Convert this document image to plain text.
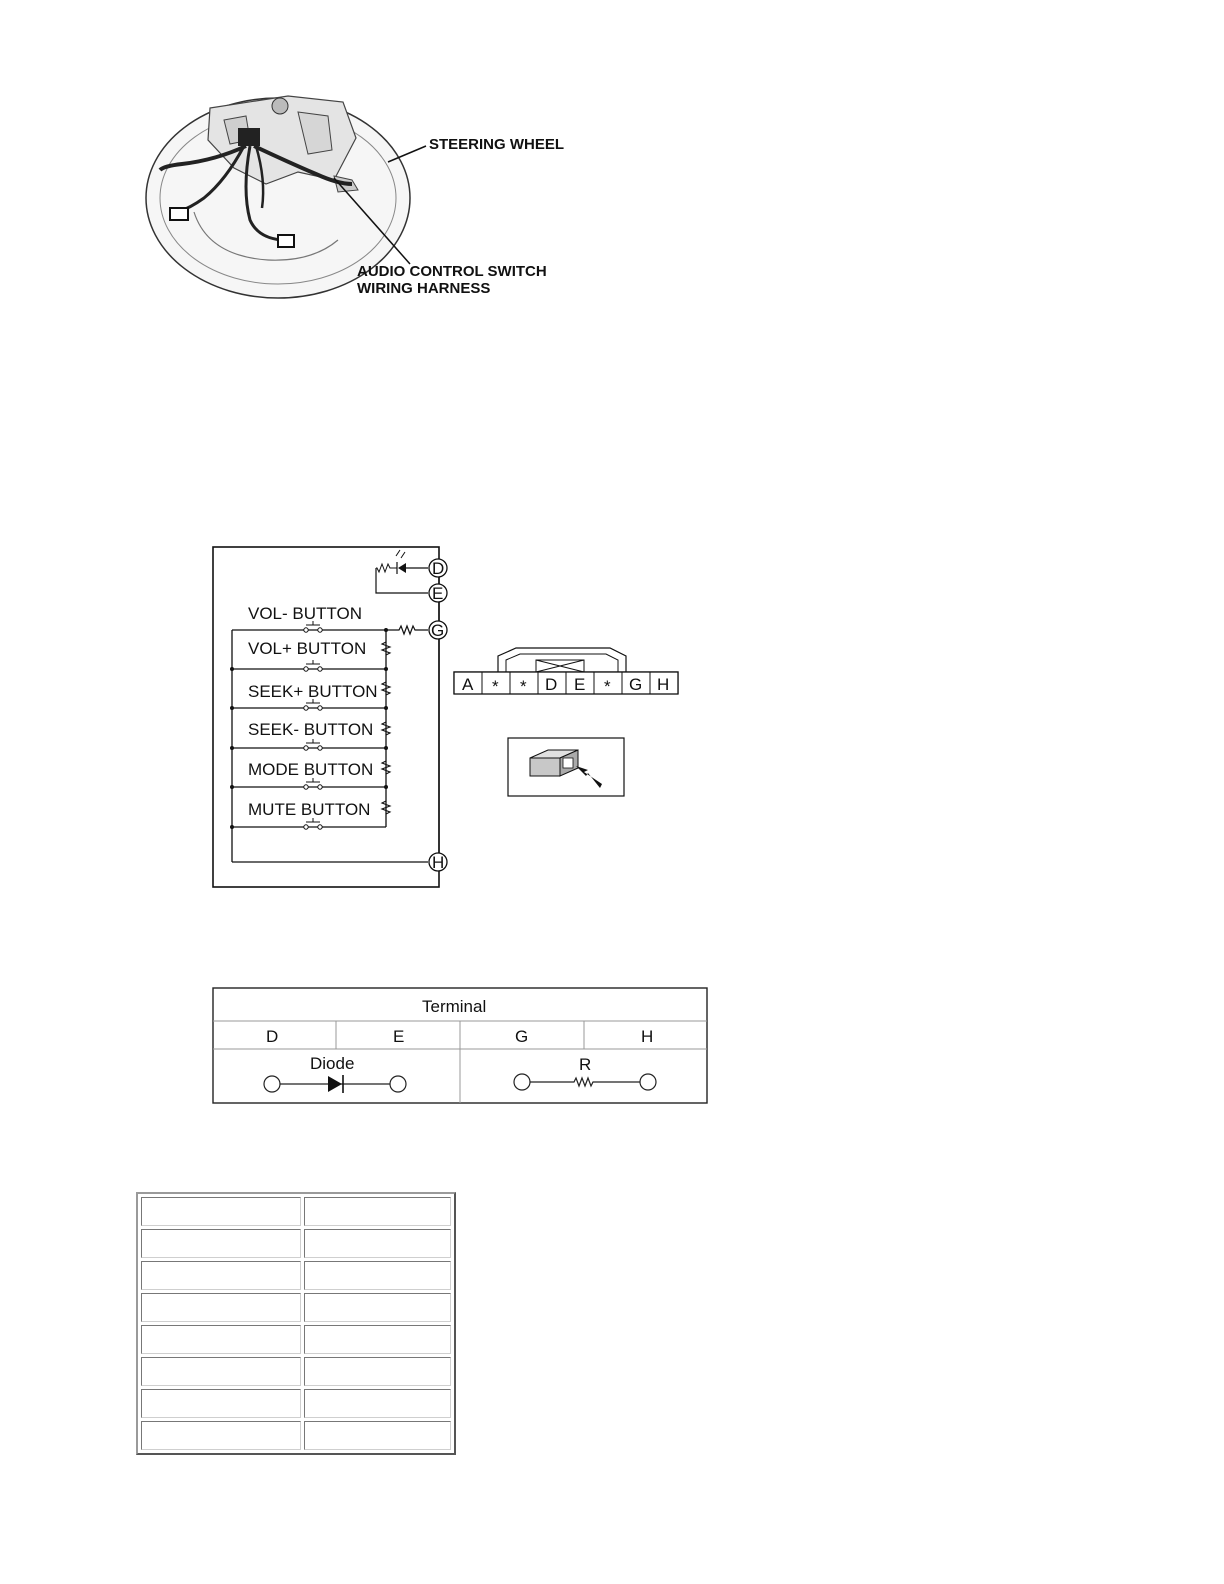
STEERING WHEEL
AUDIO CONTROL SWITCH
WIRING HARNESS
VOL- BUTTON
VOL+ BUTTON
SEEK+ BUTTON
SEEK- BUTTON
MODE BUTTON
MUTE BUTTON
D
E
G
H
A * * D E * G H
Terminal
D	E	G	H
Diode	R
